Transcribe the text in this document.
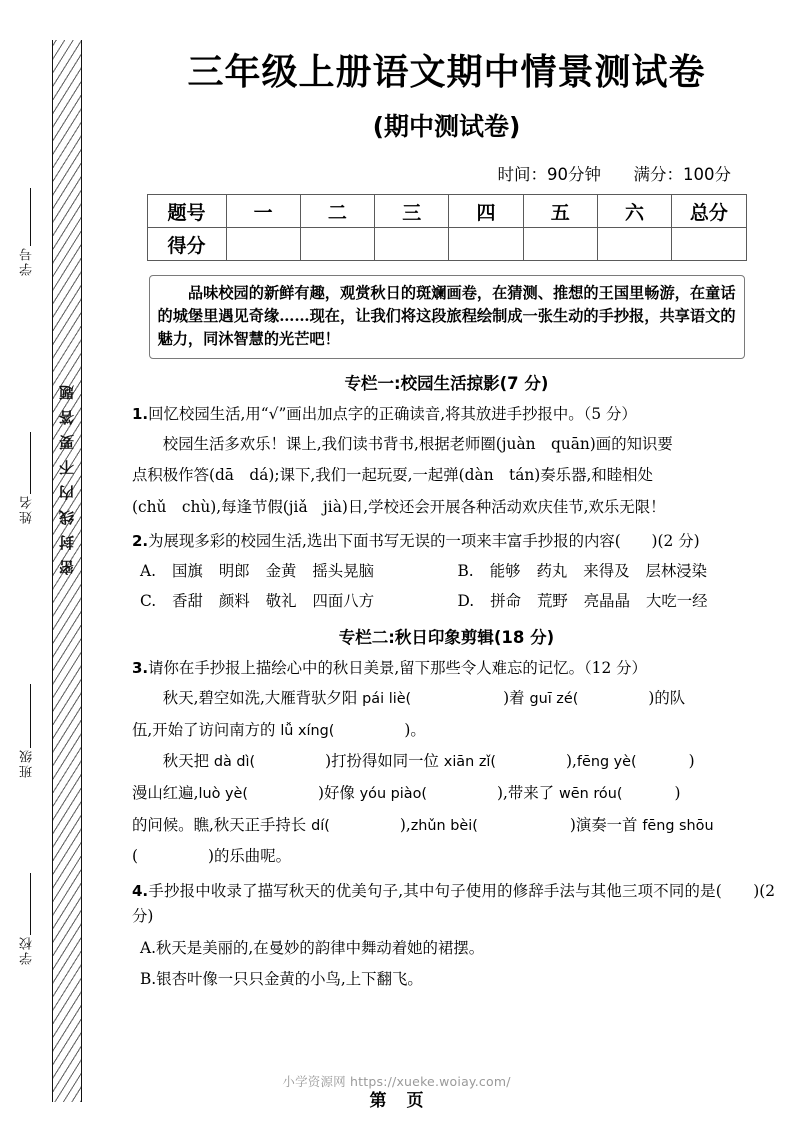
密封线内不要答题
学号
姓名
班级
学校
三年级上册语文期中情景测试卷
(期中测试卷)
时间：90分钟 满分：100分
题号	一	二	三	四	五	六	总分
得分							
品味校园的新鲜有趣，观赏秋日的斑斓画卷，在猜测、推想的王国里畅游，在童话的城堡里遇见奇缘……现在，让我们将这段旅程绘制成一张生动的手抄报，共享语文的魅力，同沐智慧的光芒吧！
专栏一:校园生活掠影(7 分)
1.回忆校园生活,用“√”画出加点字的正确读音,将其放进手抄报中。（5 分）
校园生活多欢乐！课上,我们读书背书,根据老师圈(juàn　quān)画的知识要
点积极作答(dā　dá);课下,我们一起玩耍,一起弹(dàn　tán)奏乐器,和睦相处
(chǔ　chù),每逢节假(jiǎ　jià)日,学校还会开展各种活动欢庆佳节,欢乐无限！
2.为展现多彩的校园生活,选出下面书写无误的一项来丰富手抄报的内容(　　)(2 分)
A. 国旗 明郎 金黄 摇头晃脑	B. 能够 药丸 来得及 层林浸染
C. 香甜 颜料 敬礼 四面八方	D. 拼命 荒野 亮晶晶 大吃一经
专栏二:秋日印象剪辑(18 分)
3.请你在手抄报上描绘心中的秋日美景,留下那些令人难忘的记忆。（12 分）
秋天,碧空如洗,大雁背驮夕阳 pái liè(	)着 guī zé(	)的队
伍,开始了访问南方的 lǚ xíng(	)。
秋天把 dà dì(	)打扮得如同一位 xiān zǐ(	),fēng yè(	)
漫山红遍,luò yè(	)好像 yóu piào(	),带来了 wēn róu(	)
的问候。瞧,秋天正手持长 dí(	),zhǔn bèi(	)演奏一首 fēng shōu
(	)的乐曲呢。
4.手抄报中收录了描写秋天的优美句子,其中句子使用的修辞手法与其他三项不同的是(　　)(2 分)
A.秋天是美丽的,在曼妙的韵律中舞动着她的裙摆。
B.银杏叶像一只只金黄的小鸟,上下翻飞。
小学资源网 https://xueke.woiay.com/
第 页
